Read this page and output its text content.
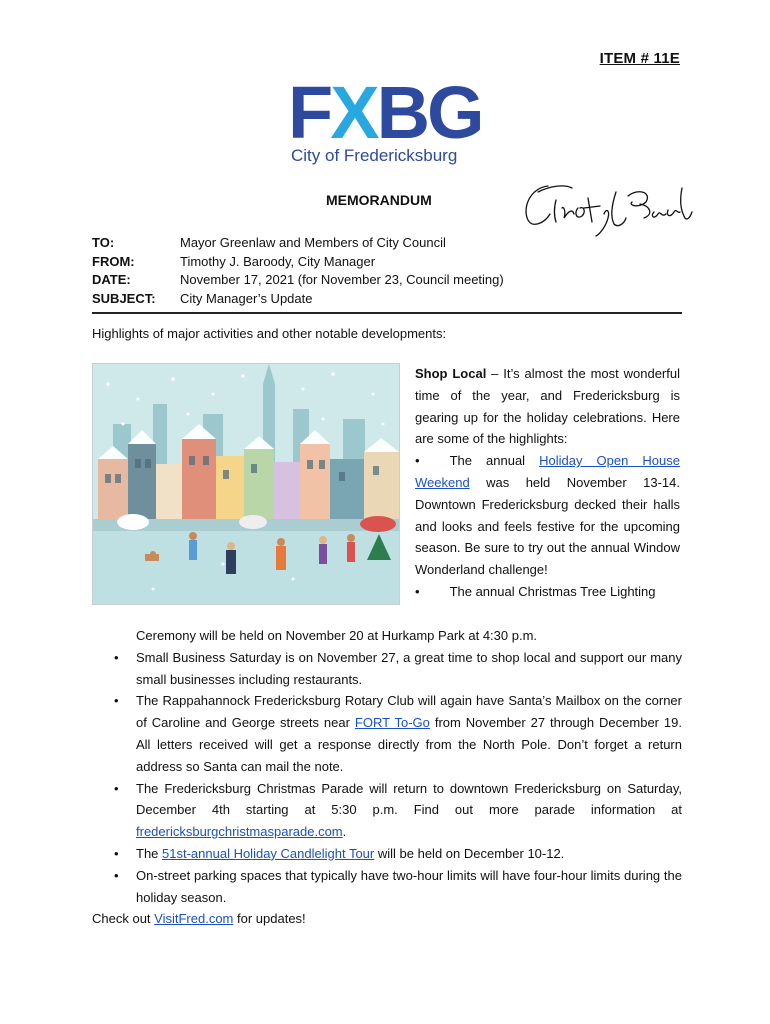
ITEM # 11E
FXBG
City of Fredericksburg
MEMORANDUM
TO:	Mayor Greenlaw and Members of City Council
FROM:	Timothy J. Baroody, City Manager
DATE:	November 17, 2021 (for November 23, Council meeting)
SUBJECT:	City Manager’s Update
Highlights of major activities and other notable developments:
Shop Local – It’s almost the most wonderful time of the year, and Fredericksburg is gearing up for the holiday celebrations. Here are some of the highlights:
• The annual Holiday Open House Weekend was held November 13-14. Downtown Fredericksburg decked their halls and looks and feels festive for the upcoming season. Be sure to try out the annual Window Wonderland challenge!
• The annual Christmas Tree Lighting
Ceremony will be held on November 20 at Hurkamp Park at 4:30 p.m.
• Small Business Saturday is on November 27, a great time to shop local and support our many small businesses including restaurants.
• The Rappahannock Fredericksburg Rotary Club will again have Santa’s Mailbox on the corner of Caroline and George streets near FORT To-Go from November 27 through December 19. All letters received will get a response directly from the North Pole. Don’t forget a return address so Santa can mail the note.
• The Fredericksburg Christmas Parade will return to downtown Fredericksburg on Saturday, December 4th starting at 5:30 p.m. Find out more parade information at fredericksburgchristmasparade.com.
• The 51st-annual Holiday Candlelight Tour will be held on December 10-12.
• On-street parking spaces that typically have two-hour limits will have four-hour limits during the holiday season.
Check out VisitFred.com for updates!
